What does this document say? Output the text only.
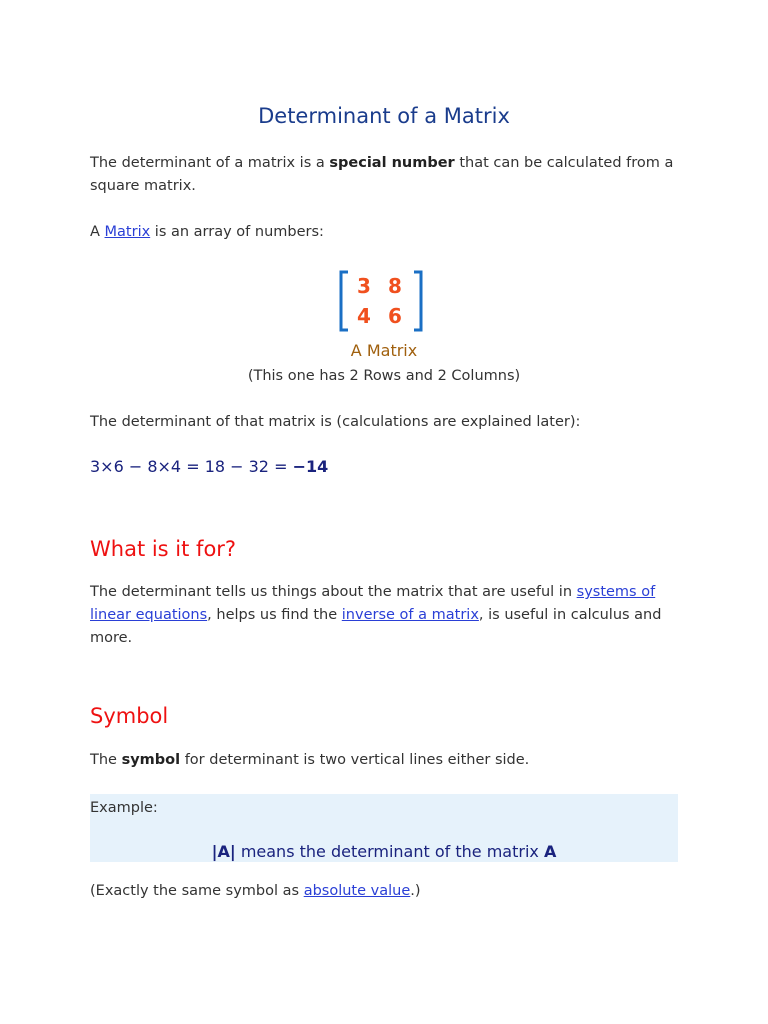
Determinant of a Matrix

The determinant of a matrix is a special number that can be calculated from a square matrix.

A Matrix is an array of numbers:

3 8
4 6
A Matrix
(This one has 2 Rows and 2 Columns)

The determinant of that matrix is (calculations are explained later):

3×6 − 8×4 = 18 − 32 = −14
What is it for?

The determinant tells us things about the matrix that are useful in systems of linear equations, helps us find the inverse of a matrix, is useful in calculus and more.

Symbol

The symbol for determinant is two vertical lines either side.

Example:
|A| means the determinant of the matrix A

(Exactly the same symbol as absolute value.)
